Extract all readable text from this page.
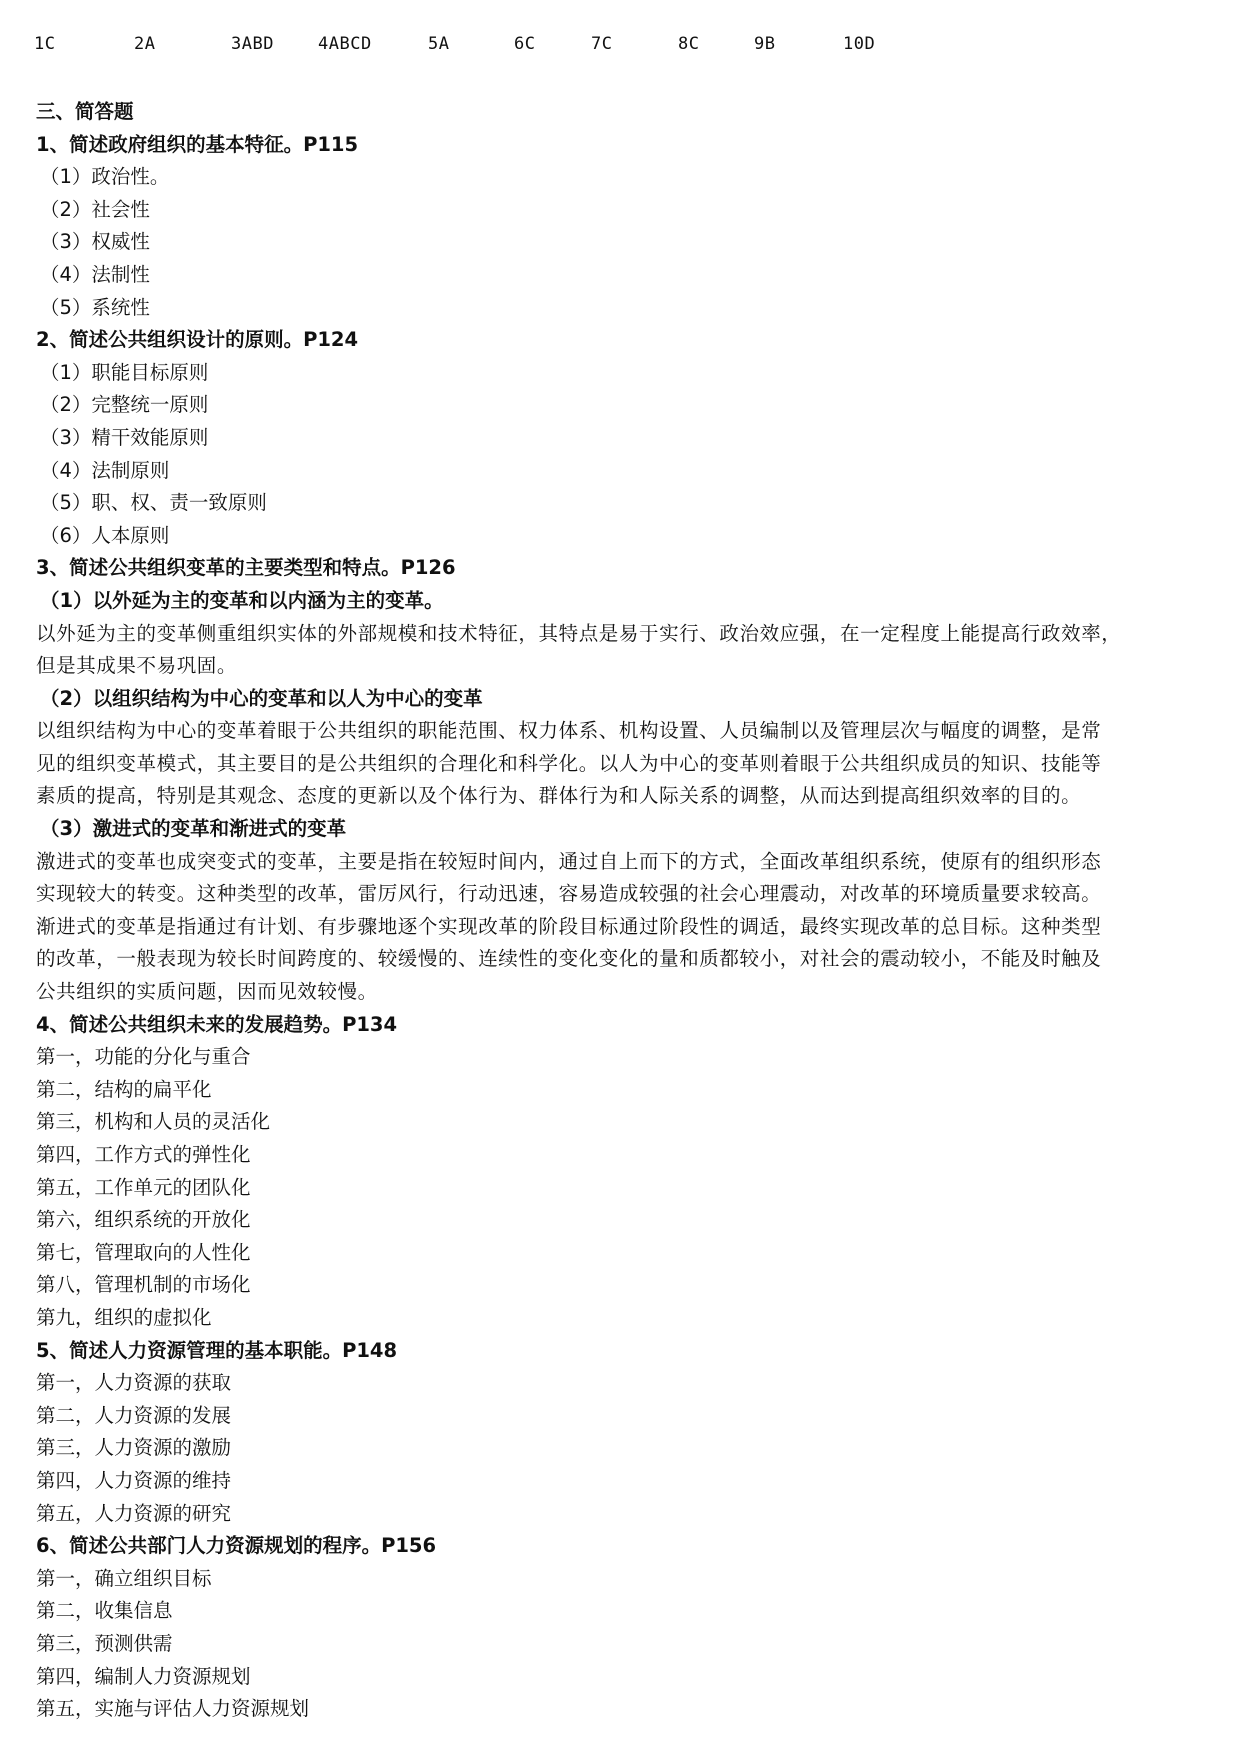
1C	2A	3ABD	4ABCD	5A	6C	7C	8C	9B	10D
三、简答题
1、简述政府组织的基本特征。P115
（1）政治性。
（2）社会性
（3）权威性
（4）法制性
（5）系统性
2、简述公共组织设计的原则。P124
（1）职能目标原则
（2）完整统一原则
（3）精干效能原则
（4）法制原则
（5）职、权、责一致原则
（6）人本原则
3、简述公共组织变革的主要类型和特点。P126
（1）以外延为主的变革和以内涵为主的变革。
以外延为主的变革侧重组织实体的外部规模和技术特征，其特点是易于实行、政治效应强，在一定程度上能提高行政效率，
但是其成果不易巩固。
（2）以组织结构为中心的变革和以人为中心的变革
以组织结构为中心的变革着眼于公共组织的职能范围、权力体系、机构设置、人员编制以及管理层次与幅度的调整，是常
见的组织变革模式，其主要目的是公共组织的合理化和科学化。以人为中心的变革则着眼于公共组织成员的知识、技能等
素质的提高，特别是其观念、态度的更新以及个体行为、群体行为和人际关系的调整，从而达到提高组织效率的目的。
（3）激进式的变革和渐进式的变革
激进式的变革也成突变式的变革，主要是指在较短时间内，通过自上而下的方式，全面改革组织系统，使原有的组织形态
实现较大的转变。这种类型的改革，雷厉风行，行动迅速，容易造成较强的社会心理震动，对改革的环境质量要求较高。
渐进式的变革是指通过有计划、有步骤地逐个实现改革的阶段目标通过阶段性的调适，最终实现改革的总目标。这种类型
的改革，一般表现为较长时间跨度的、较缓慢的、连续性的变化变化的量和质都较小，对社会的震动较小，不能及时触及
公共组织的实质问题，因而见效较慢。
4、简述公共组织未来的发展趋势。P134
第一，功能的分化与重合
第二，结构的扁平化
第三，机构和人员的灵活化
第四，工作方式的弹性化
第五，工作单元的团队化
第六，组织系统的开放化
第七，管理取向的人性化
第八，管理机制的市场化
第九，组织的虚拟化
5、简述人力资源管理的基本职能。P148
第一，人力资源的获取
第二，人力资源的发展
第三，人力资源的激励
第四，人力资源的维持
第五，人力资源的研究
6、简述公共部门人力资源规划的程序。P156
第一，确立组织目标
第二，收集信息
第三，预测供需
第四，编制人力资源规划
第五，实施与评估人力资源规划
